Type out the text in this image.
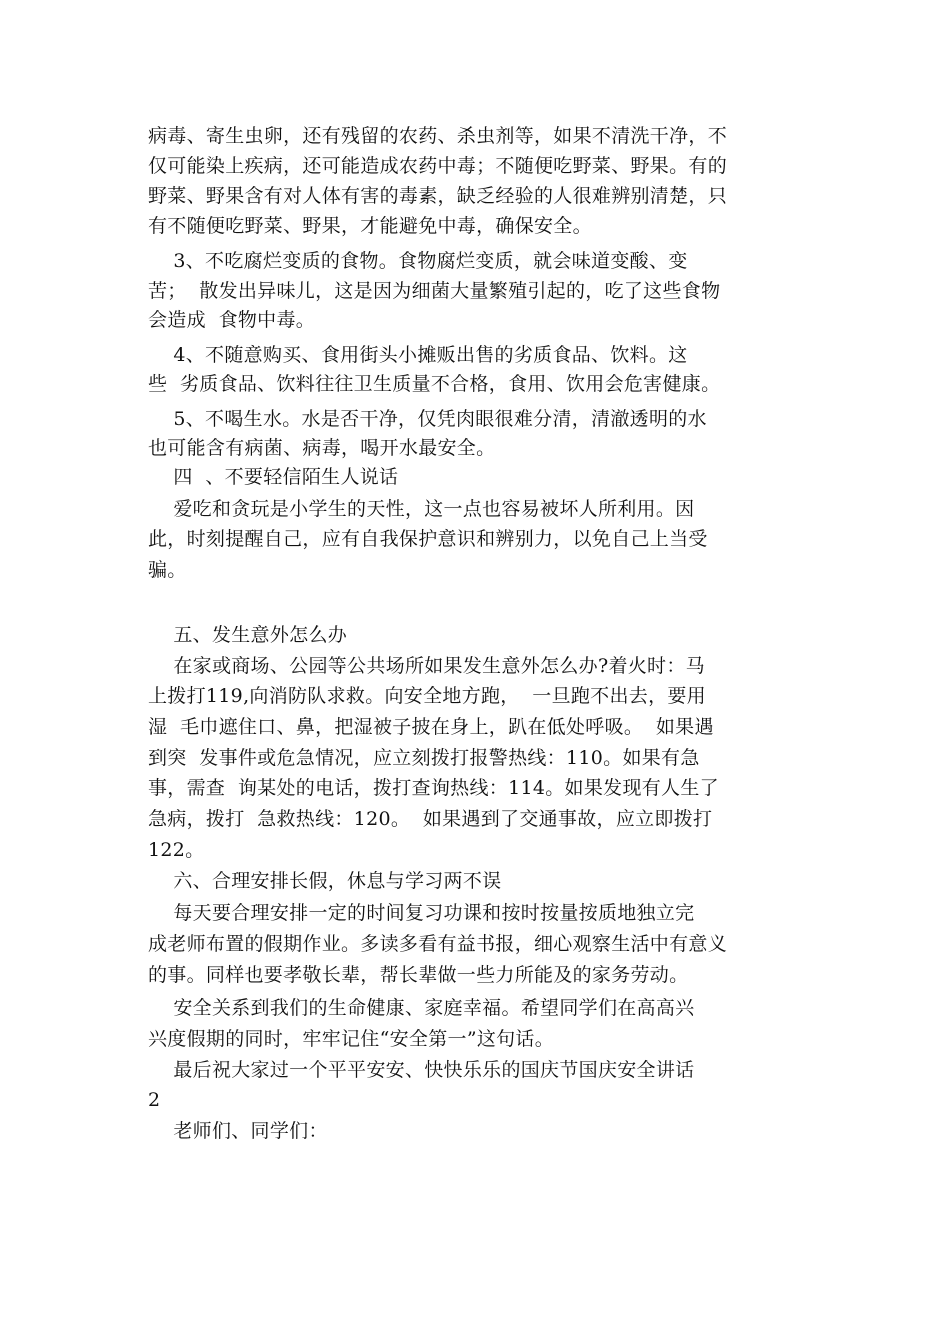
病毒、寄生虫卵，还有残留的农药、杀虫剂等，如果不清洗干净，不
仅可能染上疾病，还可能造成农药中毒；不随便吃野菜、野果。有的
野菜、野果含有对人体有害的毒素，缺乏经验的人很难辨别清楚，只
有不随便吃野菜、野果，才能避免中毒，确保安全。
3、不吃腐烂变质的食物。食物腐烂变质，就会味道变酸、变
苦；  散发出异味儿，这是因为细菌大量繁殖引起的，吃了这些食物
会造成  食物中毒。
4、不随意购买、食用街头小摊贩出售的劣质食品、饮料。这
些  劣质食品、饮料往往卫生质量不合格，食用、饮用会危害健康。
5、不喝生水。水是否干净，仅凭肉眼很难分清，清澈透明的水
也可能含有病菌、病毒，喝开水最安全。
四  、不要轻信陌生人说话
爱吃和贪玩是小学生的天性，这一点也容易被坏人所利用。因
此，时刻提醒自己，应有自我保护意识和辨别力，以免自己上当受
骗。
五、发生意外怎么办
在家或商场、公园等公共场所如果发生意外怎么办?着火时：马
上拨打119,向消防队求救。向安全地方跑，  一旦跑不出去，要用
湿  毛巾遮住口、鼻，把湿被子披在身上，趴在低处呼吸。  如果遇
到突  发事件或危急情况，应立刻拨打报警热线：110。如果有急
事，需查  询某处的电话，拨打查询热线：114。如果发现有人生了
急病，拨打  急救热线：120。  如果遇到了交通事故，应立即拨打
122。
六、合理安排长假，休息与学习两不误
每天要合理安排一定的时间复习功课和按时按量按质地独立完
成老师布置的假期作业。多读多看有益书报，细心观察生活中有意义
的事。同样也要孝敬长辈，帮长辈做一些力所能及的家务劳动。
安全关系到我们的生命健康、家庭幸福。希望同学们在高高兴
兴度假期的同时，牢牢记住“安全第一”这句话。
最后祝大家过一个平平安安、快快乐乐的国庆节国庆安全讲话
2
老师们、同学们：
